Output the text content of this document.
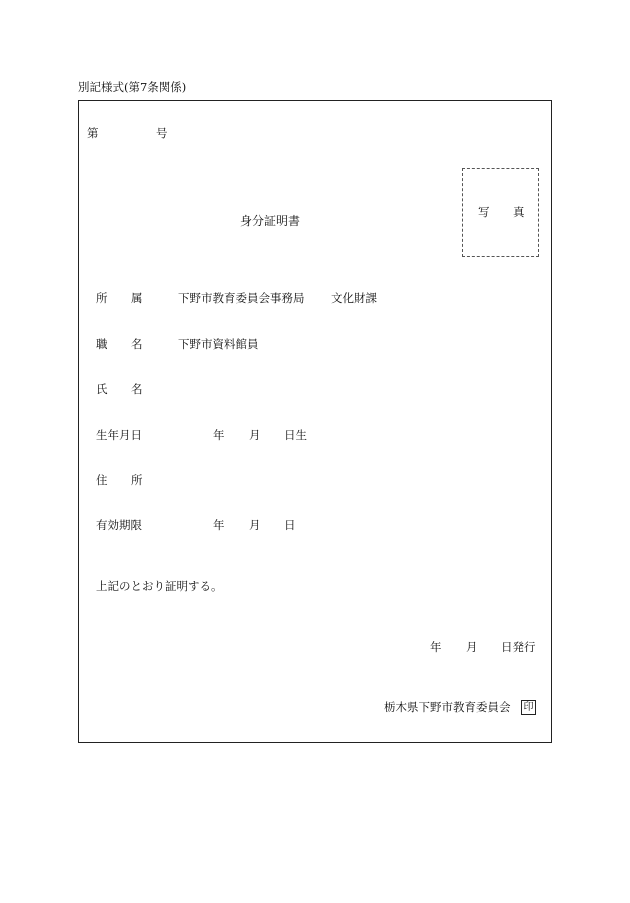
別記様式(第7条関係)
第	号
写 真
身分証明書
所 属	下野市教育委員会事務局 文化財課
職 名	下野市資料館員
氏 名
生年月日	年 月 日生
住 所
有効期限	年 月 日
上記のとおり証明する。
年 月 日発行
栃木県下野市教育委員会 印
